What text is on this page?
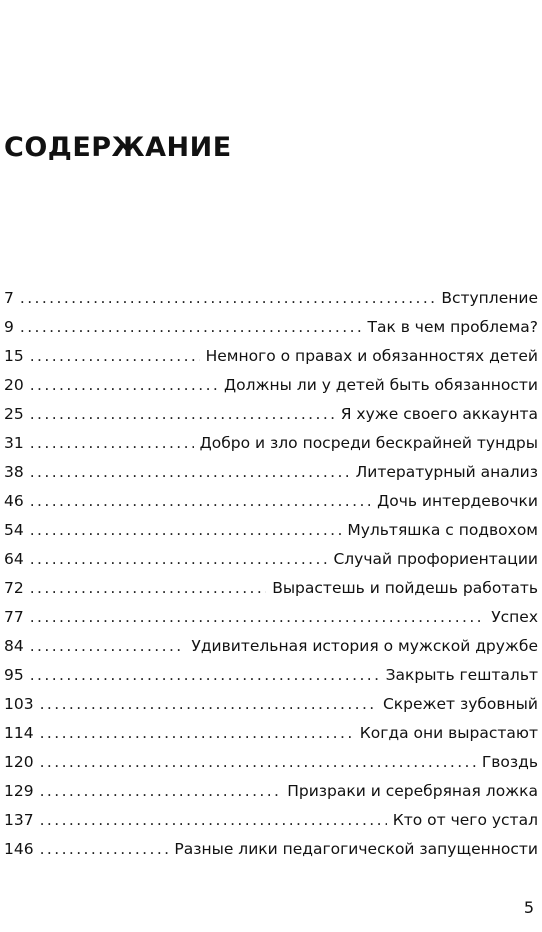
СОДЕРЖАНИЕ
7 .....	Вступление
9 .....	Так в чем проблема?
15 .....	Немного о правах и обязанностях детей
20 .....	Должны ли у детей быть обязанности
25 .....	Я хуже своего аккаунта
31 .....	Добро и зло посреди бескрайней тундры
38 .....	Литературный анализ
46 .....	Дочь интердевочки
54 .....	Мультяшка с подвохом
64 .....	Случай профориентации
72 .....	Вырастешь и пойдешь работать
77 .....	Успех
84 .....	Удивительная история о мужской дружбе
95 .....	Закрыть гештальт
103 .....	Скрежет зубовный
114 .....	Когда они вырастают
120 .....	Гвоздь
129 .....	Призраки и серебряная ложка
137 .....	Кто от чего устал
146 .....	Разные лики педагогической запущенности
5
